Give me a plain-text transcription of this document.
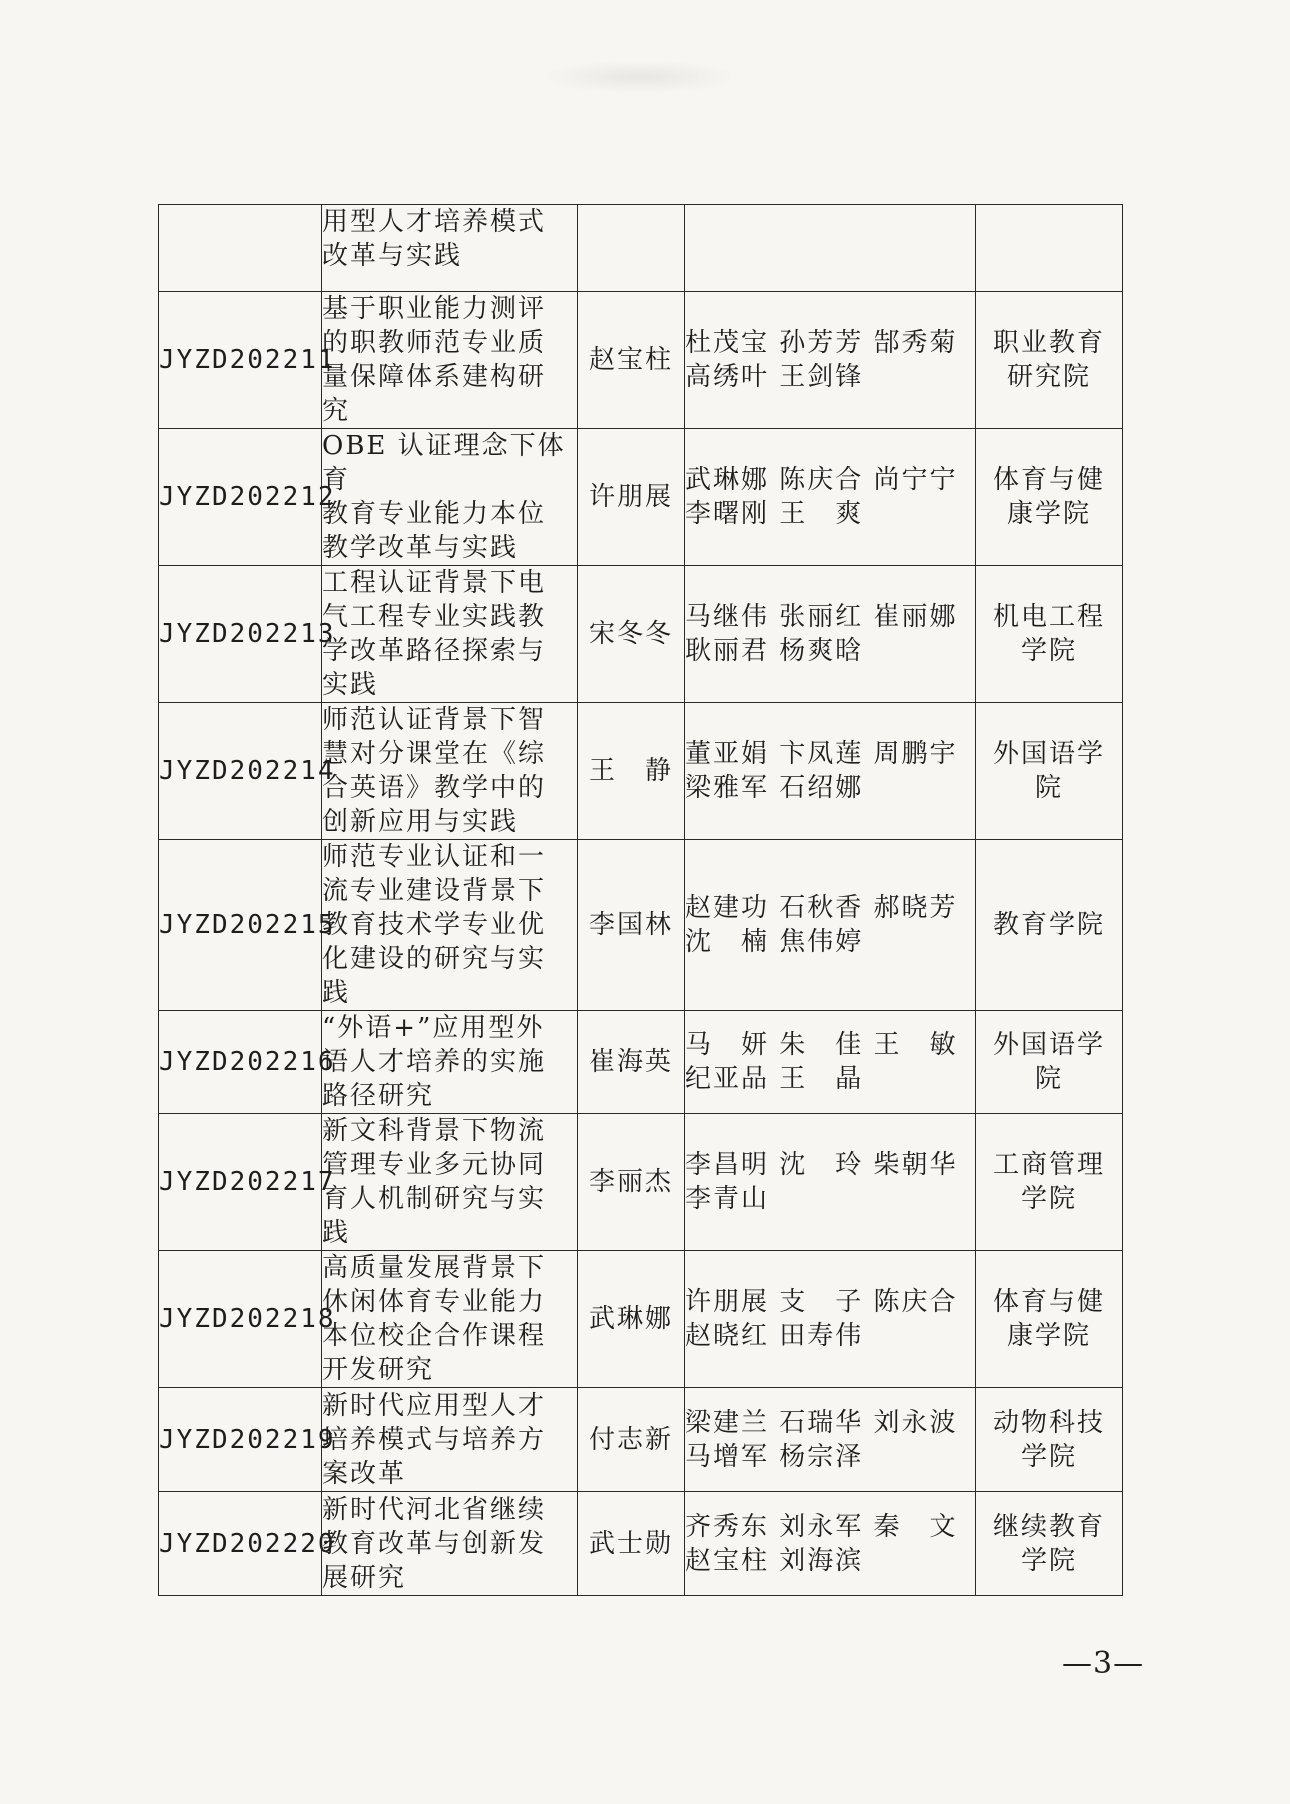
	用型人才培养模式
改革与实践			

JYZD202211	基于职业能力测评
的职教师范专业质
量保障体系建构研
究	赵宝柱	杜茂宝 孙芳芳 郜秀菊
高绣叶 王剑锋	职业教育
研究院

JYZD202212	OBE 认证理念下体育
教育专业能力本位
教学改革与实践	许朋展	武琳娜 陈庆合 尚宁宁
李曙刚 王　爽	体育与健
康学院

JYZD202213	工程认证背景下电
气工程专业实践教
学改革路径探索与
实践	宋冬冬	马继伟 张丽红 崔丽娜
耿丽君 杨爽晗	机电工程
学院

JYZD202214	师范认证背景下智
慧对分课堂在《综
合英语》教学中的
创新应用与实践	王　静	董亚娟 卞凤莲 周鹏宇
梁雅军 石绍娜	外国语学
院

JYZD202215	师范专业认证和一
流专业建设背景下
教育技术学专业优
化建设的研究与实
践	李国林	赵建功 石秋香 郝晓芳
沈　楠 焦伟婷	教育学院

JYZD202216	“外语+”应用型外
语人才培养的实施
路径研究	崔海英	马　妍 朱　佳 王　敏
纪亚品 王　晶	外国语学
院

JYZD202217	新文科背景下物流
管理专业多元协同
育人机制研究与实
践	李丽杰	李昌明 沈　玲 柴朝华
李青山	工商管理
学院

JYZD202218	高质量发展背景下
休闲体育专业能力
本位校企合作课程
开发研究	武琳娜	许朋展 支　子 陈庆合
赵晓红 田寿伟	体育与健
康学院

JYZD202219	新时代应用型人才
培养模式与培养方
案改革	付志新	梁建兰 石瑞华 刘永波
马增军 杨宗泽	动物科技
学院

JYZD202220	新时代河北省继续
教育改革与创新发
展研究	武士勋	齐秀东 刘永军 秦　文
赵宝柱 刘海滨	继续教育
学院
—3—
